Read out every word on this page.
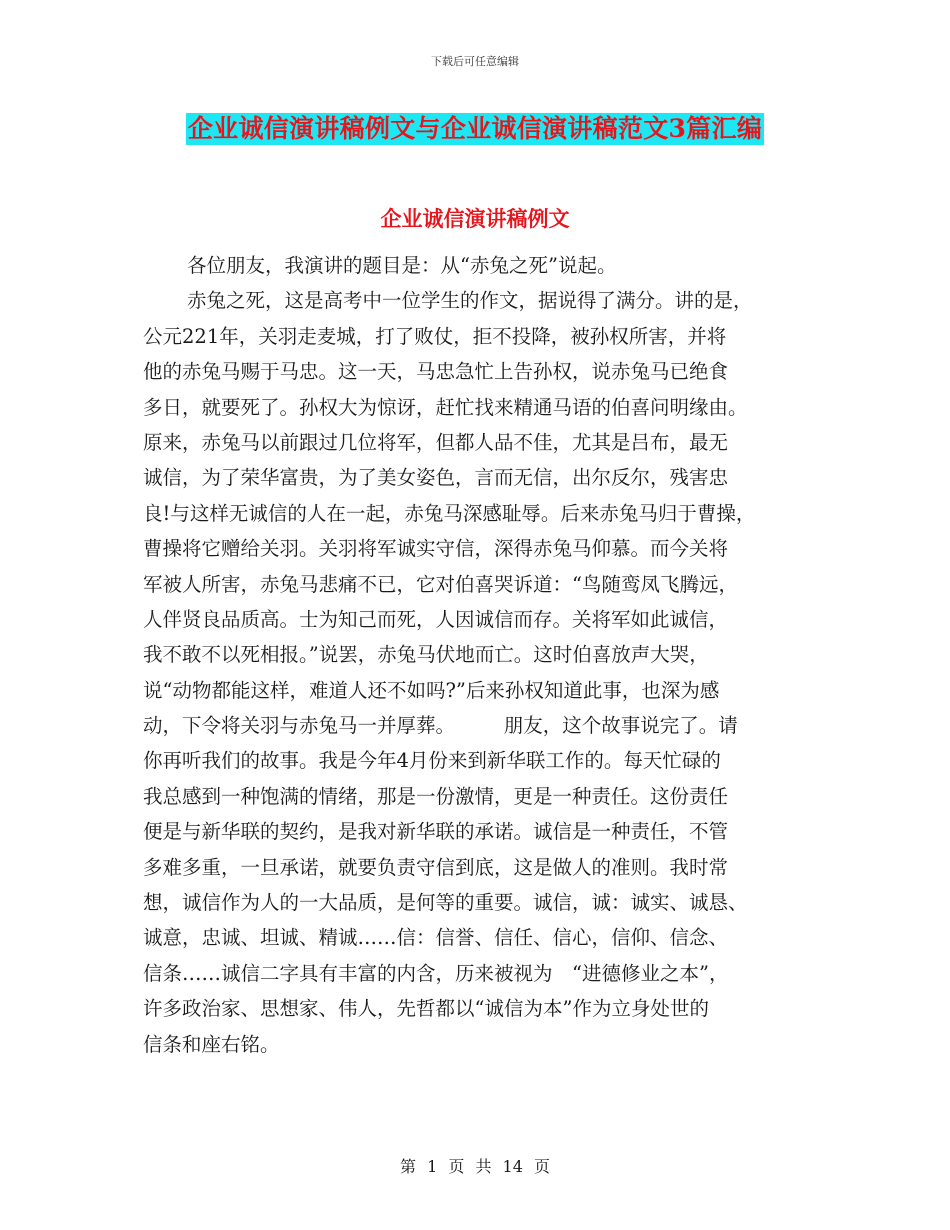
下载后可任意编辑
企业诚信演讲稿例文与企业诚信演讲稿范文3篇汇编
企业诚信演讲稿例文
各位朋友，我演讲的题目是：从“赤兔之死”说起。
赤兔之死，这是高考中一位学生的作文，据说得了满分。讲的是，
公元221年，关羽走麦城，打了败仗，拒不投降，被孙权所害，并将
他的赤兔马赐于马忠。这一天，马忠急忙上告孙权，说赤兔马已绝食
多日，就要死了。孙权大为惊讶，赶忙找来精通马语的伯喜问明缘由。
原来，赤兔马以前跟过几位将军，但都人品不佳，尤其是吕布，最无
诚信，为了荣华富贵，为了美女姿色，言而无信，出尔反尔，残害忠
良!与这样无诚信的人在一起，赤兔马深感耻辱。后来赤兔马归于曹操，
曹操将它赠给关羽。关羽将军诚实守信，深得赤兔马仰慕。而今关将
军被人所害，赤兔马悲痛不已，它对伯喜哭诉道：“鸟随鸾凤飞腾远，
人伴贤良品质高。士为知己而死，人因诚信而存。关将军如此诚信，
我不敢不以死相报。”说罢，赤兔马伏地而亡。这时伯喜放声大哭，
说“动物都能这样，难道人还不如吗?”后来孙权知道此事，也深为感
动，下令将关羽与赤兔马一并厚葬。　　　朋友，这个故事说完了。请
你再听我们的故事。我是今年4月份来到新华联工作的。每天忙碌的
我总感到一种饱满的情绪，那是一份激情，更是一种责任。这份责任
便是与新华联的契约，是我对新华联的承诺。诚信是一种责任，不管
多难多重，一旦承诺，就要负责守信到底，这是做人的准则。我时常
想，诚信作为人的一大品质，是何等的重要。诚信，诚：诚实、诚恳、
诚意，忠诚、坦诚、精诚……信：信誉、信任、信心，信仰、信念、
信条……诚信二字具有丰富的内含，历来被视为　“进德修业之本”，
许多政治家、思想家、伟人，先哲都以“诚信为本”作为立身处世的
信条和座右铭。
第 1 页 共 14 页
